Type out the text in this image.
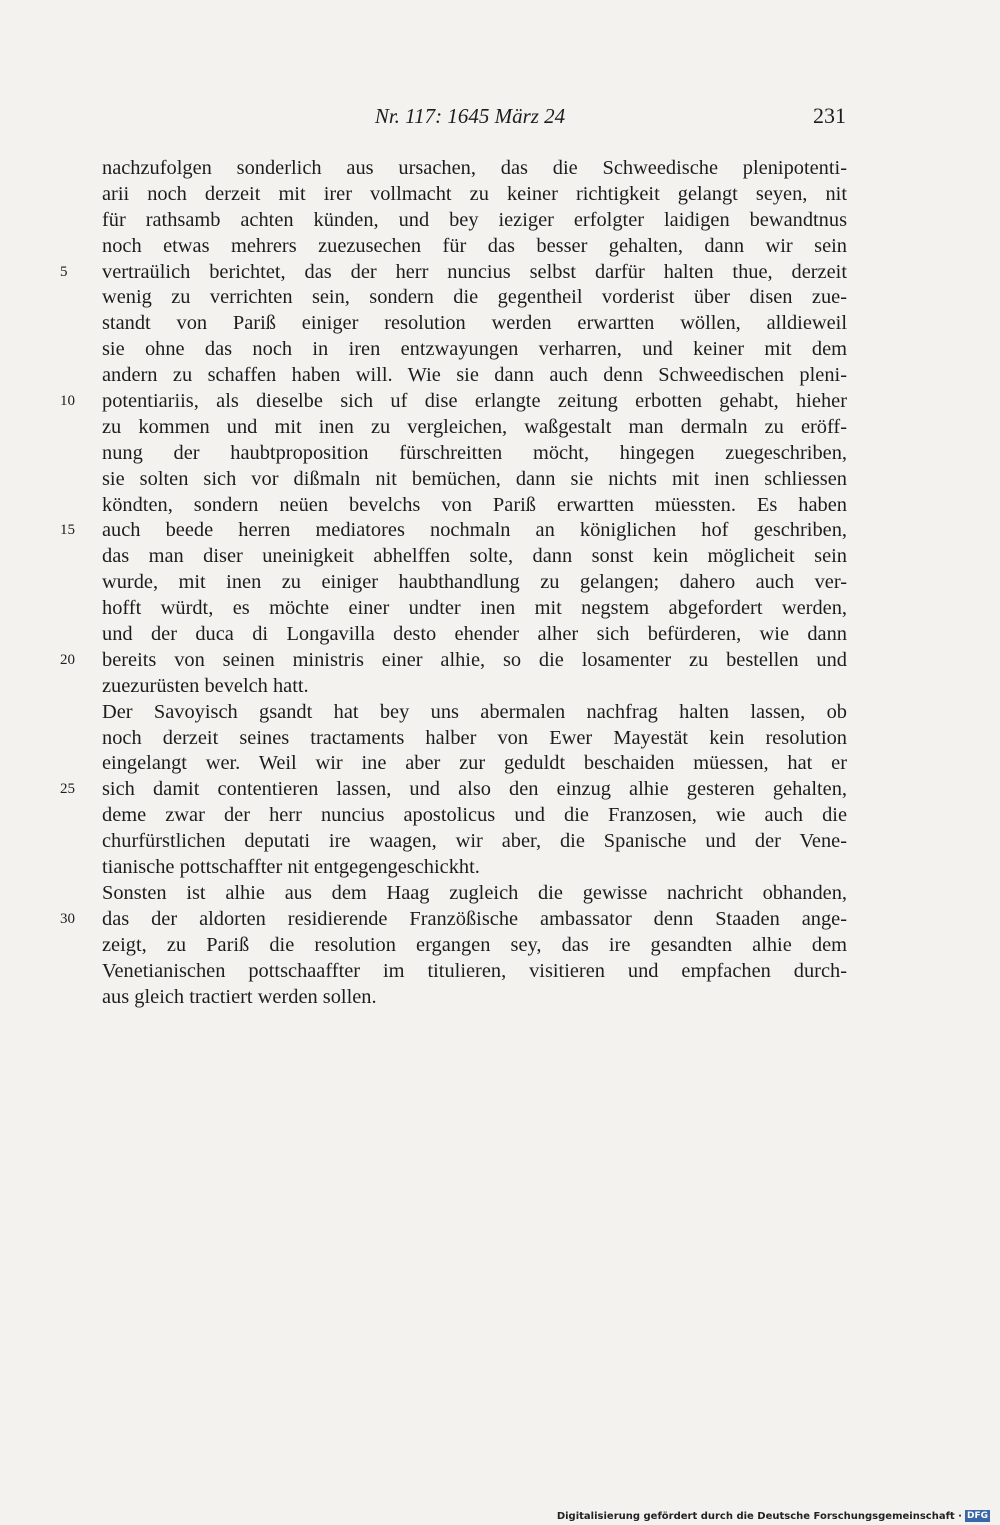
Nr. 117: 1645 März 24	231
nachzufolgen sonderlich aus ursachen, das die Schweedische plenipotenti-
arii noch derzeit mit irer vollmacht zu keiner richtigkeit gelangt seyen, nit
für rathsamb achten künden, und bey ieziger erfolgter laidigen bewandtnus
noch etwas mehrers zuezusechen für das besser gehalten, dann wir sein
5	vertraülich berichtet, das der herr nuncius selbst darfür halten thue, derzeit
wenig zu verrichten sein, sondern die gegentheil vorderist über disen zue-
standt von Pariß einiger resolution werden erwartten wöllen, alldieweil
sie ohne das noch in iren entzwayungen verharren, und keiner mit dem
andern zu schaffen haben will. Wie sie dann auch denn Schweedischen pleni-
10	potentiariis, als dieselbe sich uf dise erlangte zeitung erbotten gehabt, hieher
zu kommen und mit inen zu vergleichen, waßgestalt man dermaln zu eröff-
nung der haubtproposition fürschreitten möcht, hingegen zuegeschriben,
sie solten sich vor dißmaln nit bemüchen, dann sie nichts mit inen schliessen
köndten, sondern neüen bevelchs von Pariß erwartten müessten. Es haben
15	auch beede herren mediatores nochmaln an königlichen hof geschriben,
das man diser uneinigkeit abhelffen solte, dann sonst kein möglicheit sein
wurde, mit inen zu einiger haubthandlung zu gelangen; dahero auch ver-
hofft würdt, es möchte einer undter inen mit negstem abgefordert werden,
und der duca di Longavilla desto ehender alher sich befürderen, wie dann
20	bereits von seinen ministris einer alhie, so die losamenter zu bestellen und
zuezurüsten bevelch hatt.
Der Savoyisch gsandt hat bey uns abermalen nachfrag halten lassen, ob
noch derzeit seines tractaments halber von Ewer Mayestät kein resolution
eingelangt wer. Weil wir ine aber zur geduldt beschaiden müessen, hat er
25	sich damit contentieren lassen, und also den einzug alhie gesteren gehalten,
deme zwar der herr nuncius apostolicus und die Franzosen, wie auch die
churfürstlichen deputati ire waagen, wir aber, die Spanische und der Vene-
tianische pottschaffter nit entgegengeschickht.
Sonsten ist alhie aus dem Haag zugleich die gewisse nachricht obhanden,
30	das der aldorten residierende Franzößische ambassator denn Staaden ange-
zeigt, zu Pariß die resolution ergangen sey, das ire gesandten alhie dem
Venetianischen pottschaaffter im titulieren, visitieren und empfachen durch-
aus gleich tractiert werden sollen.
Digitalisierung gefördert durch die Deutsche Forschungsgemeinschaft · DFG
